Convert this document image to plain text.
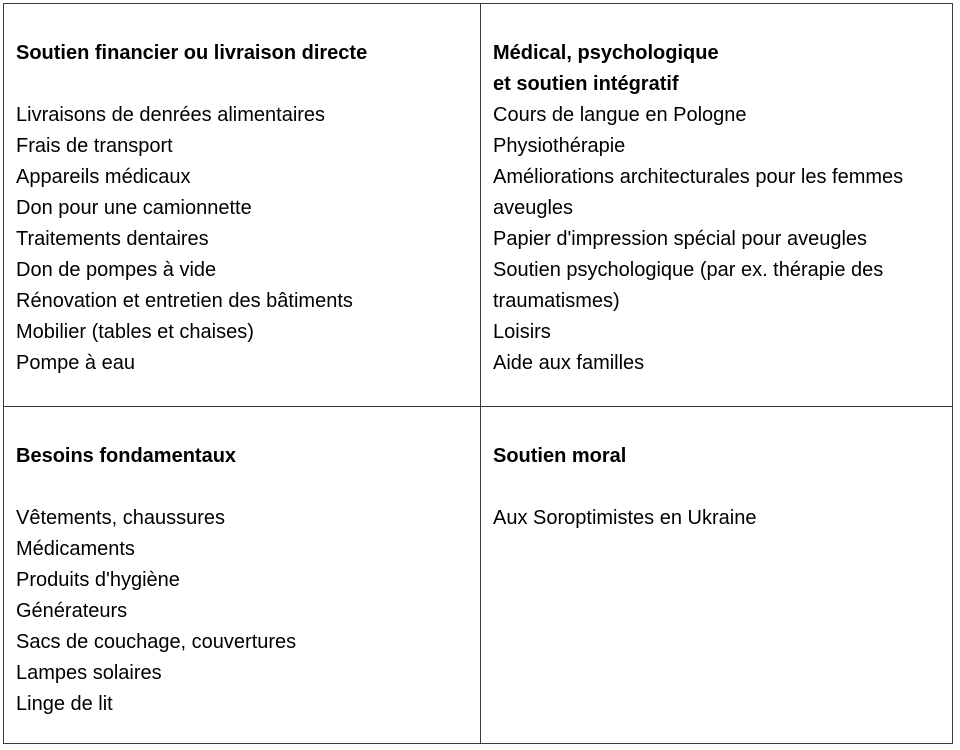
Soutien financier ou livraison directe

Livraisons de denrées alimentaires
Frais de transport
Appareils médicaux
Don pour une camionnette
Traitements dentaires
Don de pompes à vide
Rénovation et entretien des bâtiments
Mobilier (tables et chaises)
Pompe à eau

Médical, psychologique
et soutien intégratif

Cours de langue en Pologne
Physiothérapie
Améliorations architecturales pour les femmes aveugles
Papier d'impression spécial pour aveugles
Soutien psychologique (par ex. thérapie des traumatismes)
Loisirs
Aide aux familles

Besoins fondamentaux

Vêtements, chaussures
Médicaments
Produits d'hygiène
Générateurs
Sacs de couchage, couvertures
Lampes solaires
Linge de lit

Soutien moral

Aux Soroptimistes en Ukraine
